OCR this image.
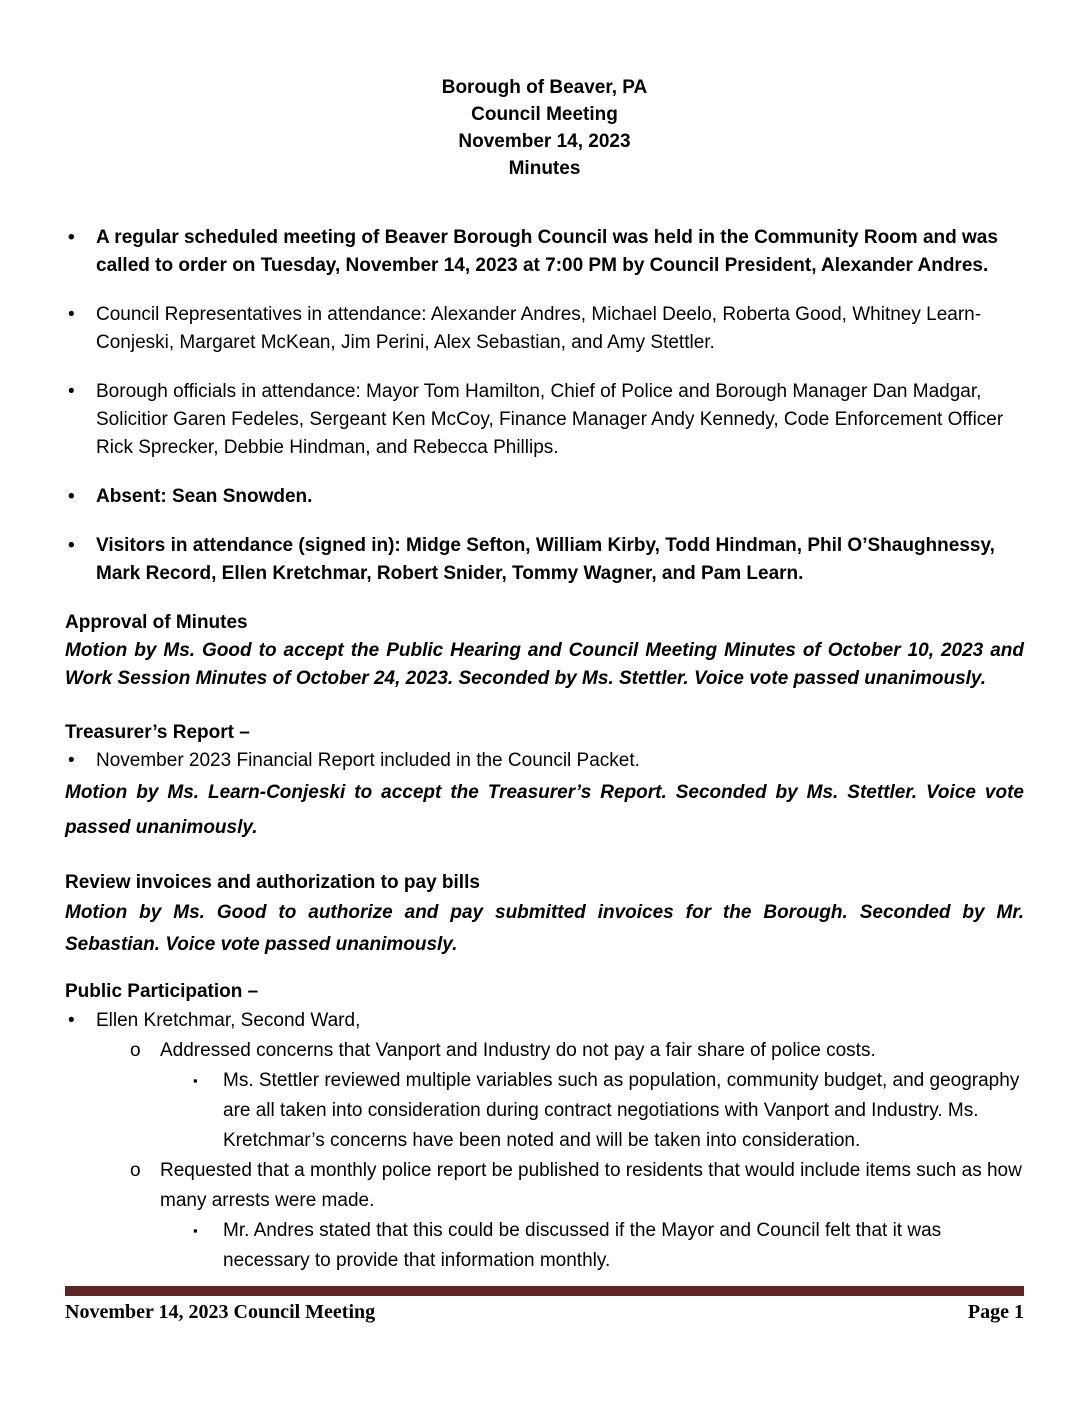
Borough of Beaver, PA
Council Meeting
November 14, 2023
Minutes
• A regular scheduled meeting of Beaver Borough Council was held in the Community Room and was called to order on Tuesday, November 14, 2023 at 7:00 PM by Council President, Alexander Andres.
• Council Representatives in attendance: Alexander Andres, Michael Deelo, Roberta Good, Whitney Learn-Conjeski, Margaret McKean, Jim Perini, Alex Sebastian, and Amy Stettler.
• Borough officials in attendance: Mayor Tom Hamilton, Chief of Police and Borough Manager Dan Madgar, Solicitior Garen Fedeles, Sergeant Ken McCoy, Finance Manager Andy Kennedy, Code Enforcement Officer Rick Sprecker, Debbie Hindman, and Rebecca Phillips.
• Absent: Sean Snowden.
• Visitors in attendance (signed in): Midge Sefton, William Kirby, Todd Hindman, Phil O’Shaughnessy, Mark Record, Ellen Kretchmar, Robert Snider, Tommy Wagner, and Pam Learn.
Approval of Minutes

Motion by Ms. Good to accept the Public Hearing and Council Meeting Minutes of October 10, 2023 and Work Session Minutes of October 24, 2023. Seconded by Ms. Stettler. Voice vote passed unanimously.

Treasurer’s Report –
• November 2023 Financial Report included in the Council Packet.

Motion by Ms. Learn-Conjeski to accept the Treasurer’s Report. Seconded by Ms. Stettler. Voice vote passed unanimously.

Review invoices and authorization to pay bills

Motion by Ms. Good to authorize and pay submitted invoices for the Borough. Seconded by Mr. Sebastian. Voice vote passed unanimously.

Public Participation –
• Ellen Kretchmar, Second Ward,
o Addressed concerns that Vanport and Industry do not pay a fair share of police costs.
▪ Ms. Stettler reviewed multiple variables such as population, community budget, and geography are all taken into consideration during contract negotiations with Vanport and Industry. Ms. Kretchmar’s concerns have been noted and will be taken into consideration.
o Requested that a monthly police report be published to residents that would include items such as how many arrests were made.
▪ Mr. Andres stated that this could be discussed if the Mayor and Council felt that it was necessary to provide that information monthly.
November 14, 2023 Council Meeting	Page 1
